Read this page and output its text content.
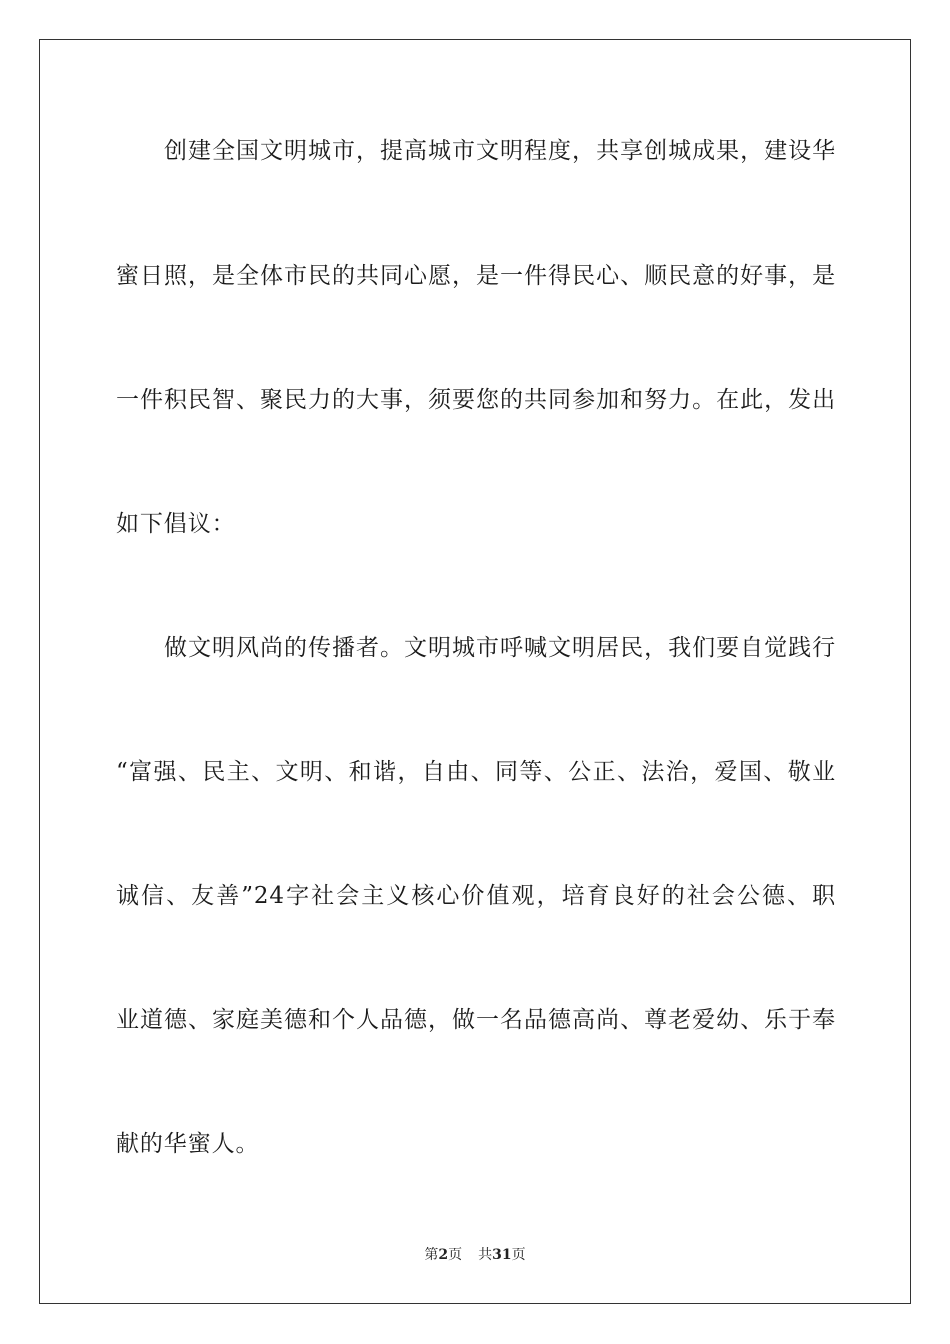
创建全国文明城市，提高城市文明程度，共享创城成果，建设华
蜜日照，是全体市民的共同心愿，是一件得民心、顺民意的好事，是
一件积民智、聚民力的大事，须要您的共同参加和努力。在此，发出
如下倡议：
做文明风尚的传播者。文明城市呼喊文明居民，我们要自觉践行
“富强、民主、文明、和谐，自由、同等、公正、法治，爱国、敬业
诚信、友善”24字社会主义核心价值观，培育良好的社会公德、职
业道德、家庭美德和个人品德，做一名品德高尚、尊老爱幼、乐于奉
献的华蜜人。
第2页 共31页
